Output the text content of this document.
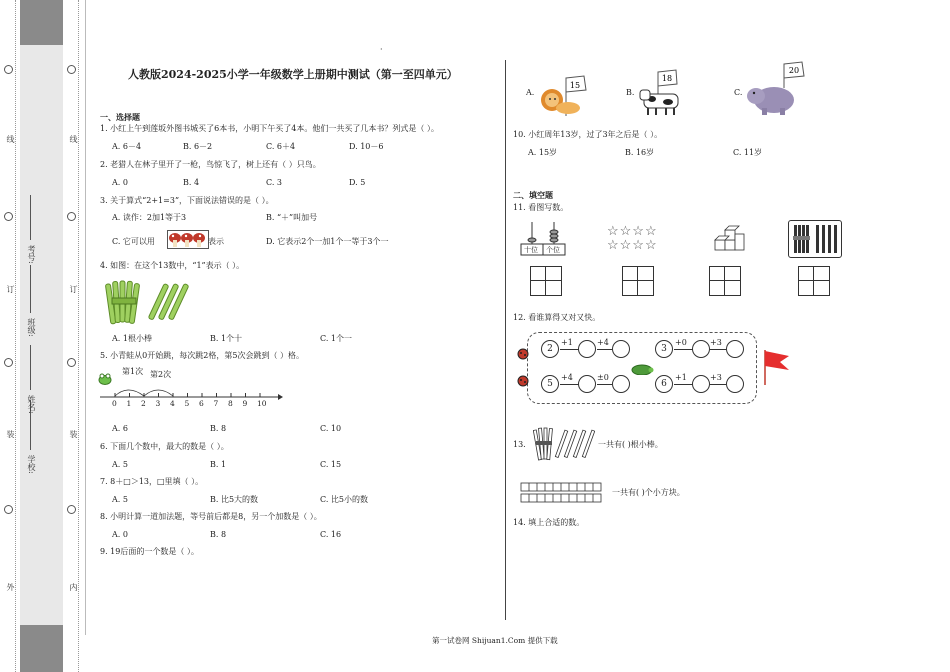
外
线
订
装
学校:
姓名:
班级:
考号:
内
线
订
装
·
人教版2024-2025小学一年级数学上册期中测试（第一至四单元）
一、选择题
1. 小红上午到莲坂外图书城买了6本书，小明下午买了4本。他们一共买了几本书？列式是（ ）。
A. 6－4	B. 6－2	C. 6＋4	D. 10－6
2. 老猎人在林子里开了一枪，鸟惊飞了，树上还有（ ）只鸟。
A. 0	B. 4	C. 3	D. 5
3. 关于算式“2+1=3”，下面说法错误的是（ ）。
A. 读作：2加1等于3	B. “＋”叫加号
C. 它可以用	表示	D. 它表示2个一加1个一等于3个一
4. 如图：在这个13数中，“1”表示（ ）。
A. 1根小棒	B. 1个十	C. 1个一
5. 小青蛙从0开始跳，每次跳2格，第5次会跳到（ ）格。
第1次 第2次
0 1 2 3 4 5 6 7 8 9 10
A. 6	B. 8	C. 10
6. 下面几个数中，最大的数是（ ）。
A. 5	B. 1	C. 15
7. 8＋□＞13，□里填（ ）。
A. 5	B. 比5大的数	C. 比5小的数
8. 小明计算一道加法题，等号前后都是8，另一个加数是（ ）。
A. 0	B. 8	C. 16
9. 19后面的一个数是（ ）。
A.
15
B.
18
C.
20
10. 小红周年13岁，过了3年之后是（ ）。
A. 15岁	B. 16岁	C. 11岁
二、填空题
11. 看图写数。
十位 个位
☆☆☆☆
☆☆☆☆
12. 看谁算得又对又快。
2
+1	+4
3
+0	+3
5
+4	±0
6
+1	+3
13.	一共有( )根小棒。
一共有( )个小方块。
14. 填上合适的数。
第一试卷网 Shijuan1.Com 提供下载
